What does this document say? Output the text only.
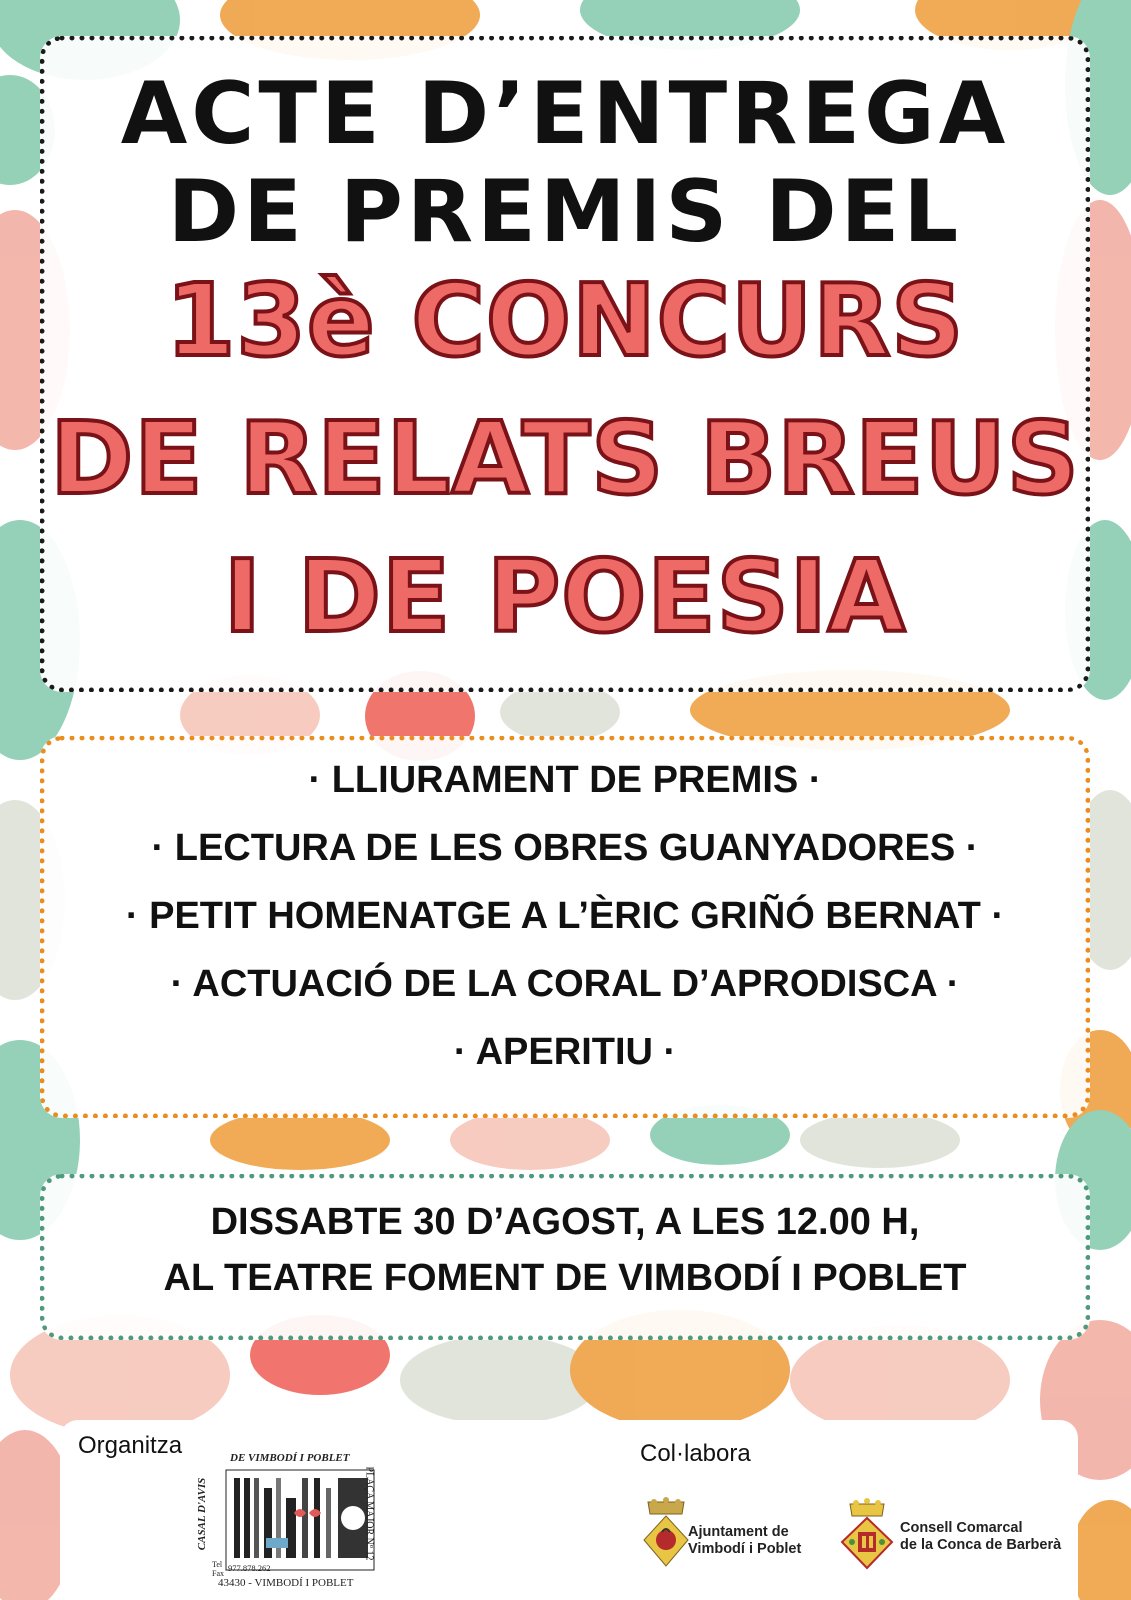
ACTE D’ENTREGA
DE PREMIS DEL
13è CONCURS
DE RELATS BREUS
I DE POESIA
· LLIURAMENT DE PREMIS ·
· LECTURA DE LES OBRES GUANYADORES ·
· PETIT HOMENATGE A L’ÈRIC GRIÑÓ BERNAT ·
· ACTUACIÓ DE LA CORAL D’APRODISCA ·
· APERITIU ·
DISSABTE 30 D’AGOST, A LES 12.00 H,
AL TEATRE FOMENT DE VIMBODÍ I POBLET
Organitza	Col·labora
DE VIMBODÍ I POBLET
CASAL D'AVIS	PLAÇA MAJOR Nº 12
Tel
Fax
977.878.262
43430 - VIMBODÍ I POBLET
Ajuntament de
Vimbodí i Poblet
Consell Comarcal
de la Conca de Barberà
